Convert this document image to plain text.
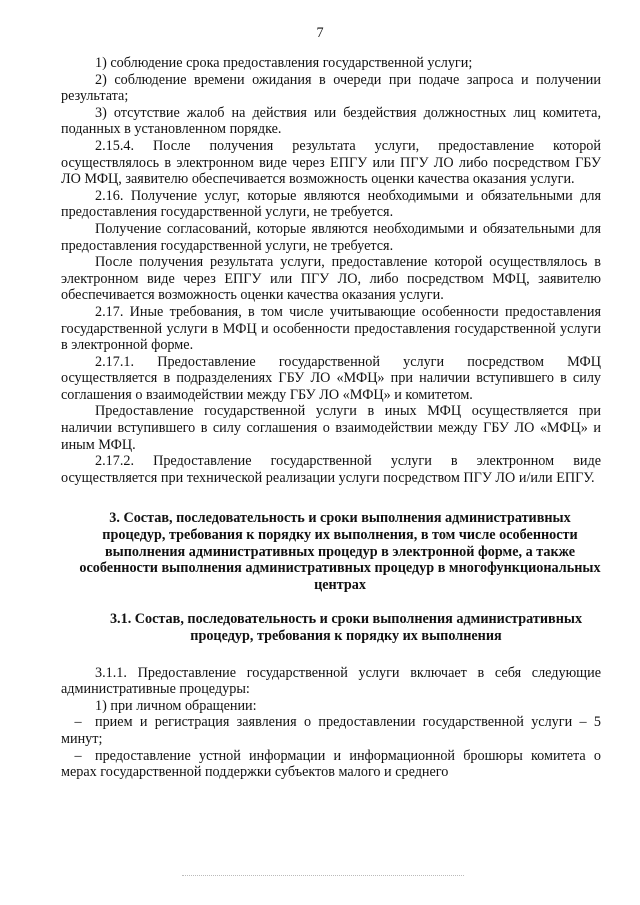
7

1) соблюдение срока предоставления государственной услуги;

2) соблюдение времени ожидания в очереди при подаче запроса и получении результата;

3) отсутствие жалоб на действия или бездействия должностных лиц комитета, поданных в установленном порядке.

2.15.4. После получения результата услуги, предоставление которой осуществлялось в электронном виде через ЕПГУ или ПГУ ЛО либо посредством ГБУ ЛО МФЦ, заявителю обеспечивается возможность оценки качества оказания услуги.

2.16. Получение услуг, которые являются необходимыми и обязательными для предоставления государственной услуги, не требуется.

Получение согласований, которые являются необходимыми и обязательными для предоставления государственной услуги, не требуется.

После получения результата услуги, предоставление которой осуществлялось в электронном виде через ЕПГУ или ПГУ ЛО, либо посредством МФЦ, заявителю обеспечивается возможность оценки качества оказания услуги.

2.17. Иные требования, в том числе учитывающие особенности предоставления государственной услуги в МФЦ и особенности предоставления государственной услуги в электронной форме.

2.17.1. Предоставление государственной услуги посредством МФЦ осуществляется в подразделениях ГБУ ЛО «МФЦ» при наличии вступившего в силу соглашения о взаимодействии между ГБУ ЛО «МФЦ» и комитетом.

Предоставление государственной услуги в иных МФЦ осуществляется при наличии вступившего в силу соглашения о взаимодействии между ГБУ ЛО «МФЦ» и иным МФЦ.

2.17.2. Предоставление государственной услуги в электронном виде осуществляется при технической реализации услуги посредством ПГУ ЛО и/или ЕПГУ.

3. Состав, последовательность и сроки выполнения административных процедур, требования к порядку их выполнения, в том числе особенности выполнения административных процедур в электронной форме, а также особенности выполнения административных процедур в многофункциональных центрах
3.1. Состав, последовательность и сроки выполнения административных процедур, требования к порядку их выполнения

3.1.1. Предоставление государственной услуги включает в себя следующие административные процедуры:

1) при личном обращении:

– прием и регистрация заявления о предоставлении государственной услуги – 5 минут;

– предоставление устной информации и информационной брошюры комитета о мерах государственной поддержки субъектов малого и среднего
